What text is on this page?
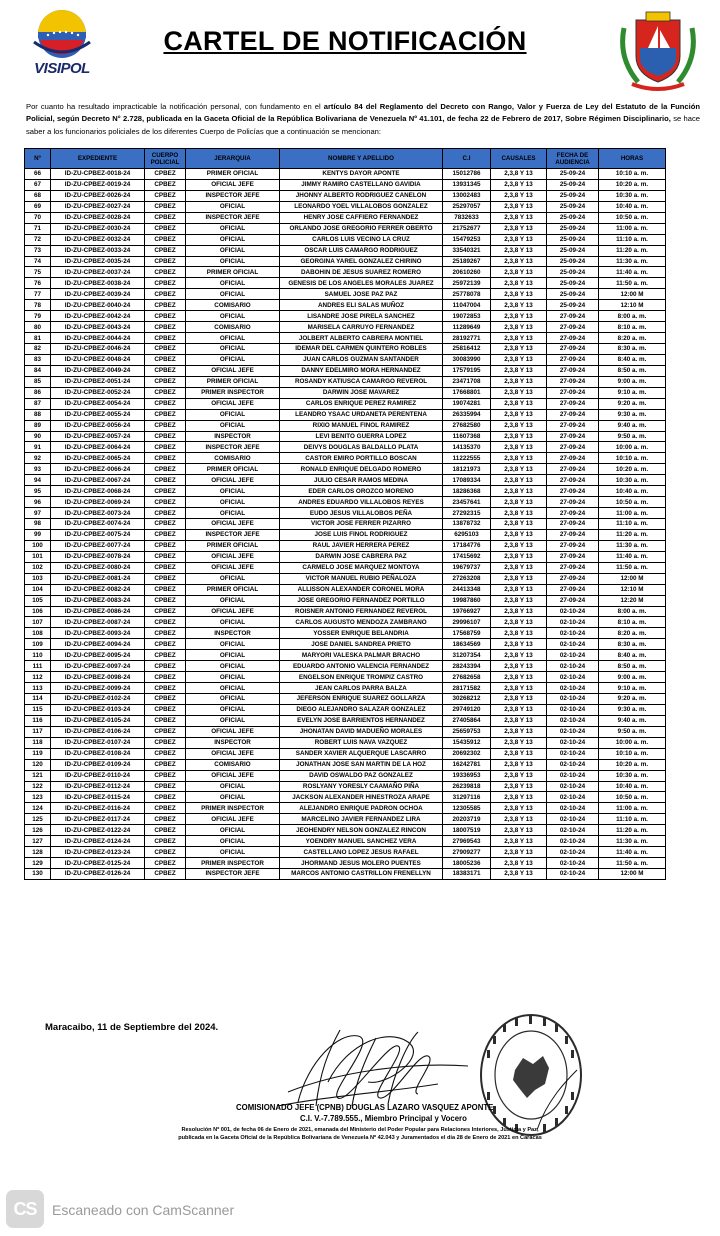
VISIPOL
CARTEL DE NOTIFICACIÓN

Por cuanto ha resultado impracticable la notificación personal, con fundamento en el artículo 84 del Reglamento del Decreto con Rango, Valor y Fuerza de Ley del Estatuto de la Función Policial, según Decreto N° 2.728, publicada en la Gaceta Oficial de la República Bolivariana de Venezuela Nº 41.101, de fecha 22 de Febrero de 2017, Sobre Régimen Disciplinario, se hace saber a los funcionarios policiales de los diferentes Cuerpo de Policías que a continuación se mencionan:

Nº	EXPEDIENTE	CUERPO POLICIAL	JERARQUIA	NOMBRE Y APELLIDO	C.I	CAUSALES	FECHA DE AUDIENCIA	HORAS
66	ID-ZU-CPBEZ-0018-24	CPBEZ	PRIMER OFICIAL	KENTYS DAYOR APONTE	15012786	2,3,8 Y 13	25-09-24	10:10 a. m.
67	ID-ZU-CPBEZ-0019-24	CPBEZ	OFICIAL JEFE	JIMMY RAMIRO CASTELLANO GAVIDIA	13931345	2,3,8 Y 13	25-09-24	10:20 a. m.
68	ID-ZU-CPBEZ-0026-24	CPBEZ	INSPECTOR JEFE	JHONNY ALBERTO RODRIGUEZ CANELON	13002483	2,3,8 Y 13	25-09-24	10:30 a. m.
69	ID-ZU-CPBEZ-0027-24	CPBEZ	OFICIAL	LEONARDO YOEL VILLALOBOS GONZALEZ	25297057	2,3,8 Y 13	25-09-24	10:40 a. m.
70	ID-ZU-CPBEZ-0028-24	CPBEZ	INSPECTOR JEFE	HENRY JOSE CAFFIERO FERNANDEZ	7832633	2,3,8 Y 13	25-09-24	10:50 a. m.
71	ID-ZU-CPBEZ-0030-24	CPBEZ	OFICIAL	ORLANDO JOSE GREGORIO FERRER OBERTO	21752677	2,3,8 Y 13	25-09-24	11:00 a. m.
72	ID-ZU-CPBEZ-0032-24	CPBEZ	OFICIAL	CARLOS LUIS VECINO LA CRUZ	15479253	2,3,8 Y 13	25-09-24	11:10 a. m.
73	ID-ZU-CPBEZ-0033-24	CPBEZ	OFICIAL	OSCAR LUIS CAMARGO RODRIGUEZ	33540321	2,3,8 Y 13	25-09-24	11:20 a. m.
74	ID-ZU-CPBEZ-0035-24	CPBEZ	OFICIAL	GEORGINA YAREL GONZALEZ CHIRINO	25189267	2,3,8 Y 13	25-09-24	11:30 a. m.
75	ID-ZU-CPBEZ-0037-24	CPBEZ	PRIMER OFICIAL	DABOHIN DE JESUS SUAREZ ROMERO	20610260	2,3,8 Y 13	25-09-24	11:40 a. m.
76	ID-ZU-CPBEZ-0038-24	CPBEZ	OFICIAL	GENESIS DE LOS ANGELES MORALES JUAREZ	25972139	2,3,8 Y 13	25-09-24	11:50 a. m.
77	ID-ZU-CPBEZ-0039-24	CPBEZ	OFICIAL	SAMUEL JOSE PAZ PAZ	25778078	2,3,8 Y 13	25-09-24	12:00 M
78	ID-ZU-CPBEZ-0040-24	CPBEZ	COMISARIO	ANDRES ELI SALAS MUÑOZ	11047004	2,3,8 Y 13	25-09-24	12:10 M
79	ID-ZU-CPBEZ-0042-24	CPBEZ	OFICIAL	LISANDRE JOSE PIRELA SANCHEZ	19072853	2,3,8 Y 13	27-09-24	8:00 a. m.
80	ID-ZU-CPBEZ-0043-24	CPBEZ	COMISARIO	MARISELA CARRUYO FERNANDEZ	11289649	2,3,8 Y 13	27-09-24	8:10 a. m.
81	ID-ZU-CPBEZ-0044-24	CPBEZ	OFICIAL	JOLBERT ALBERTO CABRERA MONTIEL	28192771	2,3,8 Y 13	27-09-24	8:20 a. m.
82	ID-ZU-CPBEZ-0046-24	CPBEZ	OFICIAL	IDEMAR DEL CARMEN QUINTERO ROBLES	25816412	2,3,8 Y 13	27-09-24	8:30 a. m.
83	ID-ZU-CPBEZ-0048-24	CPBEZ	OFICIAL	JUAN CARLOS GUZMAN SANTANDER	30083990	2,3,8 Y 13	27-09-24	8:40 a. m.
84	ID-ZU-CPBEZ-0049-24	CPBEZ	OFICIAL JEFE	DANNY EDELMIRO MORA HERNANDEZ	17579195	2,3,8 Y 13	27-09-24	8:50 a. m.
85	ID-ZU-CPBEZ-0051-24	CPBEZ	PRIMER OFICIAL	ROSANDY KATIUSCA CAMARGO REVEROL	23471708	2,3,8 Y 13	27-09-24	9:00 a. m.
86	ID-ZU-CPBEZ-0052-24	CPBEZ	PRIMER INSPECTOR	DARWIN JOSE MAVAREZ	17668801	2,3,8 Y 13	27-09-24	9:10 a. m.
87	ID-ZU-CPBEZ-0054-24	CPBEZ	OFICIAL JEFE	CARLOS ENRIQUE PEREZ RAMIREZ	19074281	2,3,8 Y 13	27-09-24	9:20 a. m.
88	ID-ZU-CPBEZ-0055-24	CPBEZ	OFICIAL	LEANDRO YSAAC URDANETA PERENTENA	26335994	2,3,8 Y 13	27-09-24	9:30 a. m.
89	ID-ZU-CPBEZ-0056-24	CPBEZ	OFICIAL	RIXIO MANUEL FINOL RAMIREZ	27682580	2,3,8 Y 13	27-09-24	9:40 a. m.
90	ID-ZU-CPBEZ-0057-24	CPBEZ	INSPECTOR	LEVI BENITO GUERRA LOPEZ	11607368	2,3,8 Y 13	27-09-24	9:50 a. m.
91	ID-ZU-CPBEZ-0064-24	CPBEZ	INSPECTOR JEFE	DEIVYS DOUGLAS BALDALLO PLATA	14135370	2,3,8 Y 13	27-09-24	10:00 a. m.
92	ID-ZU-CPBEZ-0065-24	CPBEZ	COMISARIO	CASTOR EMIRO PORTILLO BOSCAN	11222555	2,3,8 Y 13	27-09-24	10:10 a. m.
93	ID-ZU-CPBEZ-0066-24	CPBEZ	PRIMER OFICIAL	RONALD ENRIQUE DELGADO ROMERO	18121973	2,3,8 Y 13	27-09-24	10:20 a. m.
94	ID-ZU-CPBEZ-0067-24	CPBEZ	OFICIAL JEFE	JULIO CESAR RAMOS MEDINA	17089334	2,3,8 Y 13	27-09-24	10:30 a. m.
95	ID-ZU-CPBEZ-0068-24	CPBEZ	OFICIAL	EDER CARLOS OROZCO MORENO	18286368	2,3,8 Y 13	27-09-24	10:40 a. m.
96	ID-ZU-CPBEZ-0069-24	CPBEZ	OFICIAL	ANDRES EDUARDO VILLALOBOS REYES	23457641	2,3,8 Y 13	27-09-24	10:50 a. m.
97	ID-ZU-CPBEZ-0073-24	CPBEZ	OFICIAL	EUDO JESUS VILLALOBOS PEÑA	27292315	2,3,8 Y 13	27-09-24	11:00 a. m.
98	ID-ZU-CPBEZ-0074-24	CPBEZ	OFICIAL JEFE	VICTOR JOSE FERRER PIZARRO	13878732	2,3,8 Y 13	27-09-24	11:10 a. m.
99	ID-ZU-CPBEZ-0075-24	CPBEZ	INSPECTOR JEFE	JOSE LUIS FINOL RODRIGUEZ	6295103	2,3,8 Y 13	27-09-24	11:20 a. m.
100	ID-ZU-CPBEZ-0077-24	CPBEZ	PRIMER OFICIAL	RAUL JAVIER HERRERA PEREZ	17184776	2,3,8 Y 13	27-09-24	11:30 a. m.
101	ID-ZU-CPBEZ-0078-24	CPBEZ	OFICIAL JEFE	DARWIN JOSE CABRERA PAZ	17415692	2,3,8 Y 13	27-09-24	11:40 a. m.
102	ID-ZU-CPBEZ-0080-24	CPBEZ	OFICIAL JEFE	CARMELO JOSE MARQUEZ MONTOYA	19679737	2,3,8 Y 13	27-09-24	11:50 a. m.
103	ID-ZU-CPBEZ-0081-24	CPBEZ	OFICIAL	VICTOR MANUEL RUBIO PEÑALOZA	27263208	2,3,8 Y 13	27-09-24	12:00 M
104	ID-ZU-CPBEZ-0082-24	CPBEZ	PRIMER OFICIAL	ALLISSON ALEXANDER CORONEL MORA	24413348	2,3,8 Y 13	27-09-24	12:10 M
105	ID-ZU-CPBEZ-0083-24	CPBEZ	OFICIAL	JOSE GREGORIO FERNANDEZ PORTILLO	19987860	2,3,8 Y 13	27-09-24	12:20 M
106	ID-ZU-CPBEZ-0086-24	CPBEZ	OFICIAL JEFE	ROISNER ANTONIO FERNANDEZ REVEROL	19766927	2,3,8 Y 13	02-10-24	8:00 a. m.
107	ID-ZU-CPBEZ-0087-24	CPBEZ	OFICIAL	CARLOS AUGUSTO MENDOZA ZAMBRANO	29996107	2,3,8 Y 13	02-10-24	8:10 a. m.
108	ID-ZU-CPBEZ-0093-24	CPBEZ	INSPECTOR	YOSSER ENRIQUE BELANDRIA	17568759	2,3,8 Y 13	02-10-24	8:20 a. m.
109	ID-ZU-CPBEZ-0094-24	CPBEZ	OFICIAL	JOSE DANIEL SANDREA PRIETO	18634569	2,3,8 Y 13	02-10-24	8:30 a. m.
110	ID-ZU-CPBEZ-0095-24	CPBEZ	OFICIAL	MARYORI VALESKA PALMAR BRACHO	31207354	2,3,8 Y 13	02-10-24	8:40 a. m.
111	ID-ZU-CPBEZ-0097-24	CPBEZ	OFICIAL	EDUARDO ANTONIO VALENCIA FERNANDEZ	28243394	2,3,8 Y 13	02-10-24	8:50 a. m.
112	ID-ZU-CPBEZ-0098-24	CPBEZ	OFICIAL	ENGELSON ENRIQUE TROMPIZ CASTRO	27682658	2,3,8 Y 13	02-10-24	9:00 a. m.
113	ID-ZU-CPBEZ-0099-24	CPBEZ	OFICIAL	JEAN CARLOS PARRA BALZA	28171582	2,3,8 Y 13	02-10-24	9:10 a. m.
114	ID-ZU-CPBEZ-0102-24	CPBEZ	OFICIAL	JEFERSON ENRIQUE SUAREZ GOLLARZA	30268212	2,3,8 Y 13	02-10-24	9:20 a. m.
115	ID-ZU-CPBEZ-0103-24	CPBEZ	OFICIAL	DIEGO ALEJANDRO SALAZAR GONZALEZ	29749120	2,3,8 Y 13	02-10-24	9:30 a. m.
116	ID-ZU-CPBEZ-0105-24	CPBEZ	OFICIAL	EVELYN JOSE BARRIENTOS HERNANDEZ	27405864	2,3,8 Y 13	02-10-24	9:40 a. m.
117	ID-ZU-CPBEZ-0106-24	CPBEZ	OFICIAL JEFE	JHONATAN DAVID MADUEÑO MORALES	25659753	2,3,8 Y 13	02-10-24	9:50 a. m.
118	ID-ZU-CPBEZ-0107-24	CPBEZ	INSPECTOR	ROBERT LUIS NAVA VAZQUEZ	15435912	2,3,8 Y 13	02-10-24	10:00 a. m.
119	ID-ZU-CPBEZ-0108-24	CPBEZ	OFICIAL JEFE	SANDER XAVIER ALQUERQUE LASCARRO	20692302	2,3,8 Y 13	02-10-24	10:10 a. m.
120	ID-ZU-CPBEZ-0109-24	CPBEZ	COMISARIO	JONATHAN JOSE SAN MARTIN DE LA HOZ	16242781	2,3,8 Y 13	02-10-24	10:20 a. m.
121	ID-ZU-CPBEZ-0110-24	CPBEZ	OFICIAL JEFE	DAVID OSWALDO PAZ GONZALEZ	19336953	2,3,8 Y 13	02-10-24	10:30 a. m.
122	ID-ZU-CPBEZ-0112-24	CPBEZ	OFICIAL	ROSLYANY YORESLY CAAMAÑO PIÑA	26239818	2,3,8 Y 13	02-10-24	10:40 a. m.
123	ID-ZU-CPBEZ-0115-24	CPBEZ	OFICIAL	JACKSON ALEXANDER HINESTROZA ARAPE	31297116	2,3,8 Y 13	02-10-24	10:50 a. m.
124	ID-ZU-CPBEZ-0116-24	CPBEZ	PRIMER INSPECTOR	ALEJANDRO ENRIQUE PADRON OCHOA	12305585	2,3,8 Y 13	02-10-24	11:00 a. m.
125	ID-ZU-CPBEZ-0117-24	CPBEZ	OFICIAL JEFE	MARCELINO JAVIER FERNANDEZ LIRA	20203719	2,3,8 Y 13	02-10-24	11:10 a. m.
126	ID-ZU-CPBEZ-0122-24	CPBEZ	OFICIAL	JEOHENDRY NELSON GONZALEZ RINCON	18007519	2,3,8 Y 13	02-10-24	11:20 a. m.
127	ID-ZU-CPBEZ-0124-24	CPBEZ	OFICIAL	YOENDRY MANUEL SANCHEZ VERA	27969543	2,3,8 Y 13	02-10-24	11:30 a. m.
128	ID-ZU-CPBEZ-0123-24	CPBEZ	OFICIAL	CASTELLANO LOPEZ JESUS RAFAEL	27909277	2,3,8 Y 13	02-10-24	11:40 a. m.
129	ID-ZU-CPBEZ-0125-24	CPBEZ	PRIMER INSPECTOR	JHORMAND JESUS MOLERO PUENTES	18005236	2,3,8 Y 13	02-10-24	11:50 a. m.
130	ID-ZU-CPBEZ-0126-24	CPBEZ	INSPECTOR JEFE	MARCOS ANTONIO CASTRILLON FRENELLYN	18383171	2,3,8 Y 13	02-10-24	12:00 M
Maracaibo, 11 de Septiembre del 2024.
COMISIONADO JEFE (CPNB) DOUGLAS LAZARO VASQUEZ APONTE
C.I. V.-7.789.555., Miembro Principal y Vocero
Resolución Nº 001, de fecha 06 de Enero de 2021, emanada del Ministerio del Poder Popular para Relaciones Interiores, Justicia y Paz,
publicada en la Gaceta Oficial de la República Bolivariana de Venezuela Nº 42.043 y Juramentados el día 28 de Enero de 2021 en Caracas
CS	Escaneado con CamScanner
